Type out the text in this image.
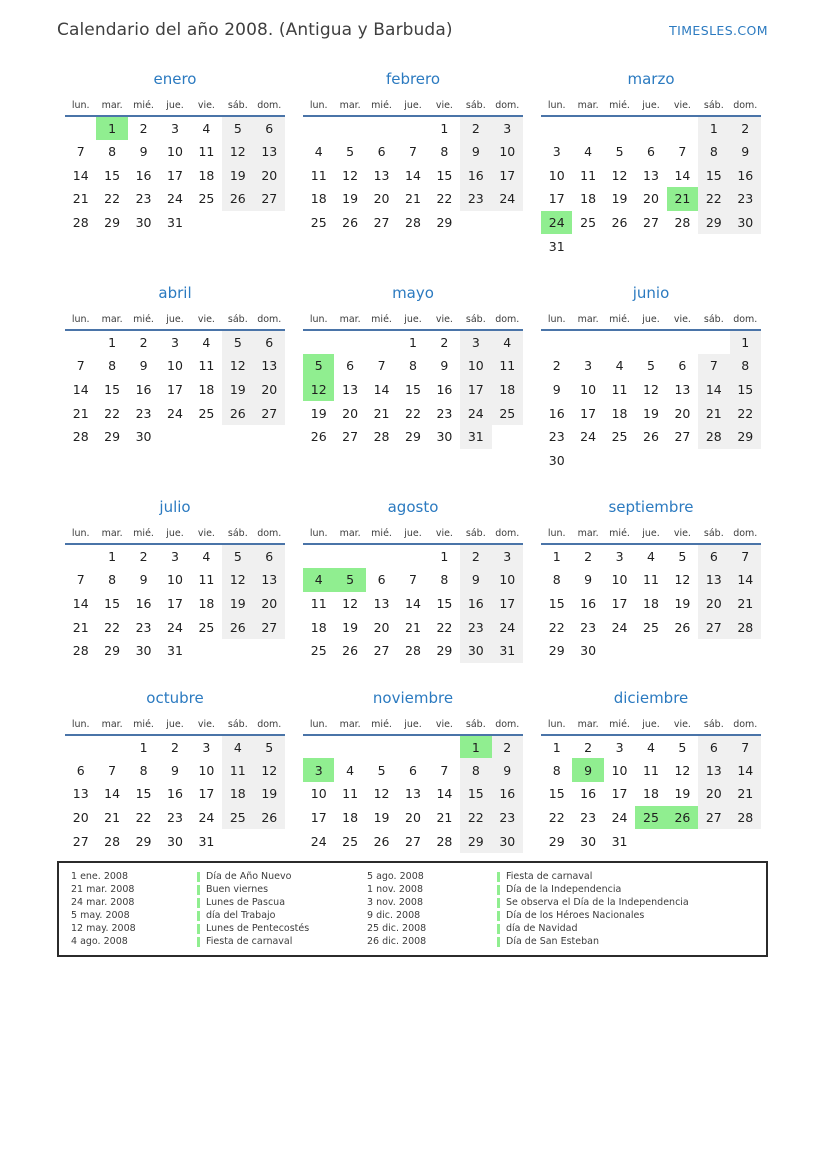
Calendario del año 2008. (Antigua y Barbuda)	TIMESLES.COM
enero
lun.	mar.	mié.	jue.	vie.	sáb.	dom.
	1	2	3	4	5	6
7	8	9	10	11	12	13
14	15	16	17	18	19	20
21	22	23	24	25	26	27
28	29	30	31			
febrero
lun.	mar.	mié.	jue.	vie.	sáb.	dom.
				1	2	3
4	5	6	7	8	9	10
11	12	13	14	15	16	17
18	19	20	21	22	23	24
25	26	27	28	29		
marzo
lun.	mar.	mié.	jue.	vie.	sáb.	dom.
					1	2
3	4	5	6	7	8	9
10	11	12	13	14	15	16
17	18	19	20	21	22	23
24	25	26	27	28	29	30
31						
abril
lun.	mar.	mié.	jue.	vie.	sáb.	dom.
	1	2	3	4	5	6
7	8	9	10	11	12	13
14	15	16	17	18	19	20
21	22	23	24	25	26	27
28	29	30				
mayo
lun.	mar.	mié.	jue.	vie.	sáb.	dom.
			1	2	3	4
5	6	7	8	9	10	11
12	13	14	15	16	17	18
19	20	21	22	23	24	25
26	27	28	29	30	31	
junio
lun.	mar.	mié.	jue.	vie.	sáb.	dom.
						1
2	3	4	5	6	7	8
9	10	11	12	13	14	15
16	17	18	19	20	21	22
23	24	25	26	27	28	29
30						
julio
lun.	mar.	mié.	jue.	vie.	sáb.	dom.
	1	2	3	4	5	6
7	8	9	10	11	12	13
14	15	16	17	18	19	20
21	22	23	24	25	26	27
28	29	30	31			
agosto
lun.	mar.	mié.	jue.	vie.	sáb.	dom.
				1	2	3
4	5	6	7	8	9	10
11	12	13	14	15	16	17
18	19	20	21	22	23	24
25	26	27	28	29	30	31
septiembre
lun.	mar.	mié.	jue.	vie.	sáb.	dom.
1	2	3	4	5	6	7
8	9	10	11	12	13	14
15	16	17	18	19	20	21
22	23	24	25	26	27	28
29	30					
octubre
lun.	mar.	mié.	jue.	vie.	sáb.	dom.
		1	2	3	4	5
6	7	8	9	10	11	12
13	14	15	16	17	18	19
20	21	22	23	24	25	26
27	28	29	30	31		
noviembre
lun.	mar.	mié.	jue.	vie.	sáb.	dom.
					1	2
3	4	5	6	7	8	9
10	11	12	13	14	15	16
17	18	19	20	21	22	23
24	25	26	27	28	29	30
diciembre
lun.	mar.	mié.	jue.	vie.	sáb.	dom.
1	2	3	4	5	6	7
8	9	10	11	12	13	14
15	16	17	18	19	20	21
22	23	24	25	26	27	28
29	30	31				
1 ene. 2008	Día de Año Nuevo	5 ago. 2008	Fiesta de carnaval
21 mar. 2008	Buen viernes	1 nov. 2008	Día de la Independencia
24 mar. 2008	Lunes de Pascua	3 nov. 2008	Se observa el Día de la Independencia
5 may. 2008	día del Trabajo	9 dic. 2008	Día de los Héroes Nacionales
12 may. 2008	Lunes de Pentecostés	25 dic. 2008	día de Navidad
4 ago. 2008	Fiesta de carnaval	26 dic. 2008	Día de San Esteban
